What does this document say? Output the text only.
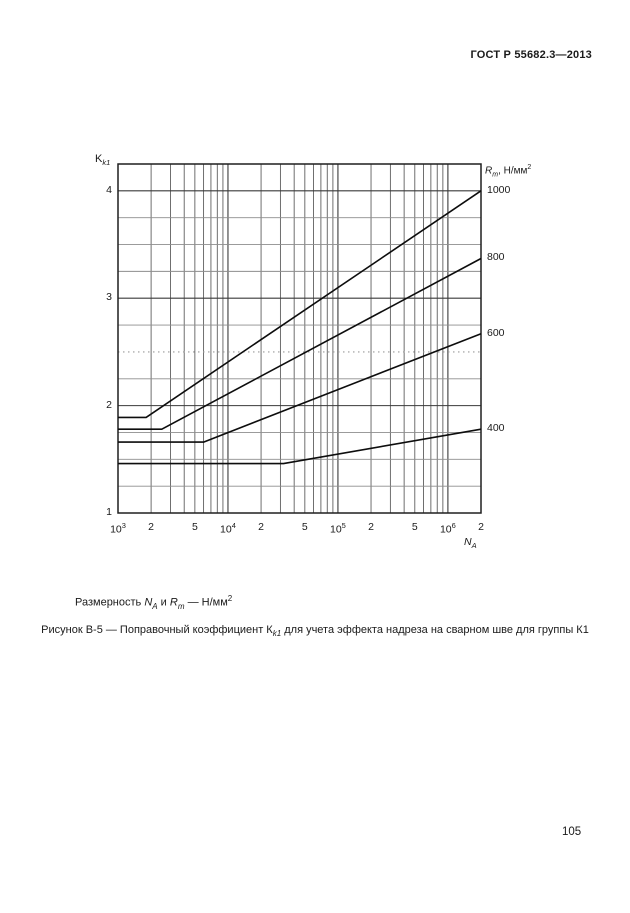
ГОСТ Р 55682.3—2013
$K_{k1}$
$R_m$, $Н/мм^2$
$10^3$	2	5	$10^4$	2	5	$10^5$	2	5	$10^6$	2
$N_A$
1
2
3
4	1000
800
600
400
Размерность $N_A$ и $R_m$ — $Н/мм^2$
Рисунок В-5 — Поправочный коэффициент $К_{k1}$ для учета эффекта надреза на сварном шве для группы К1
105
